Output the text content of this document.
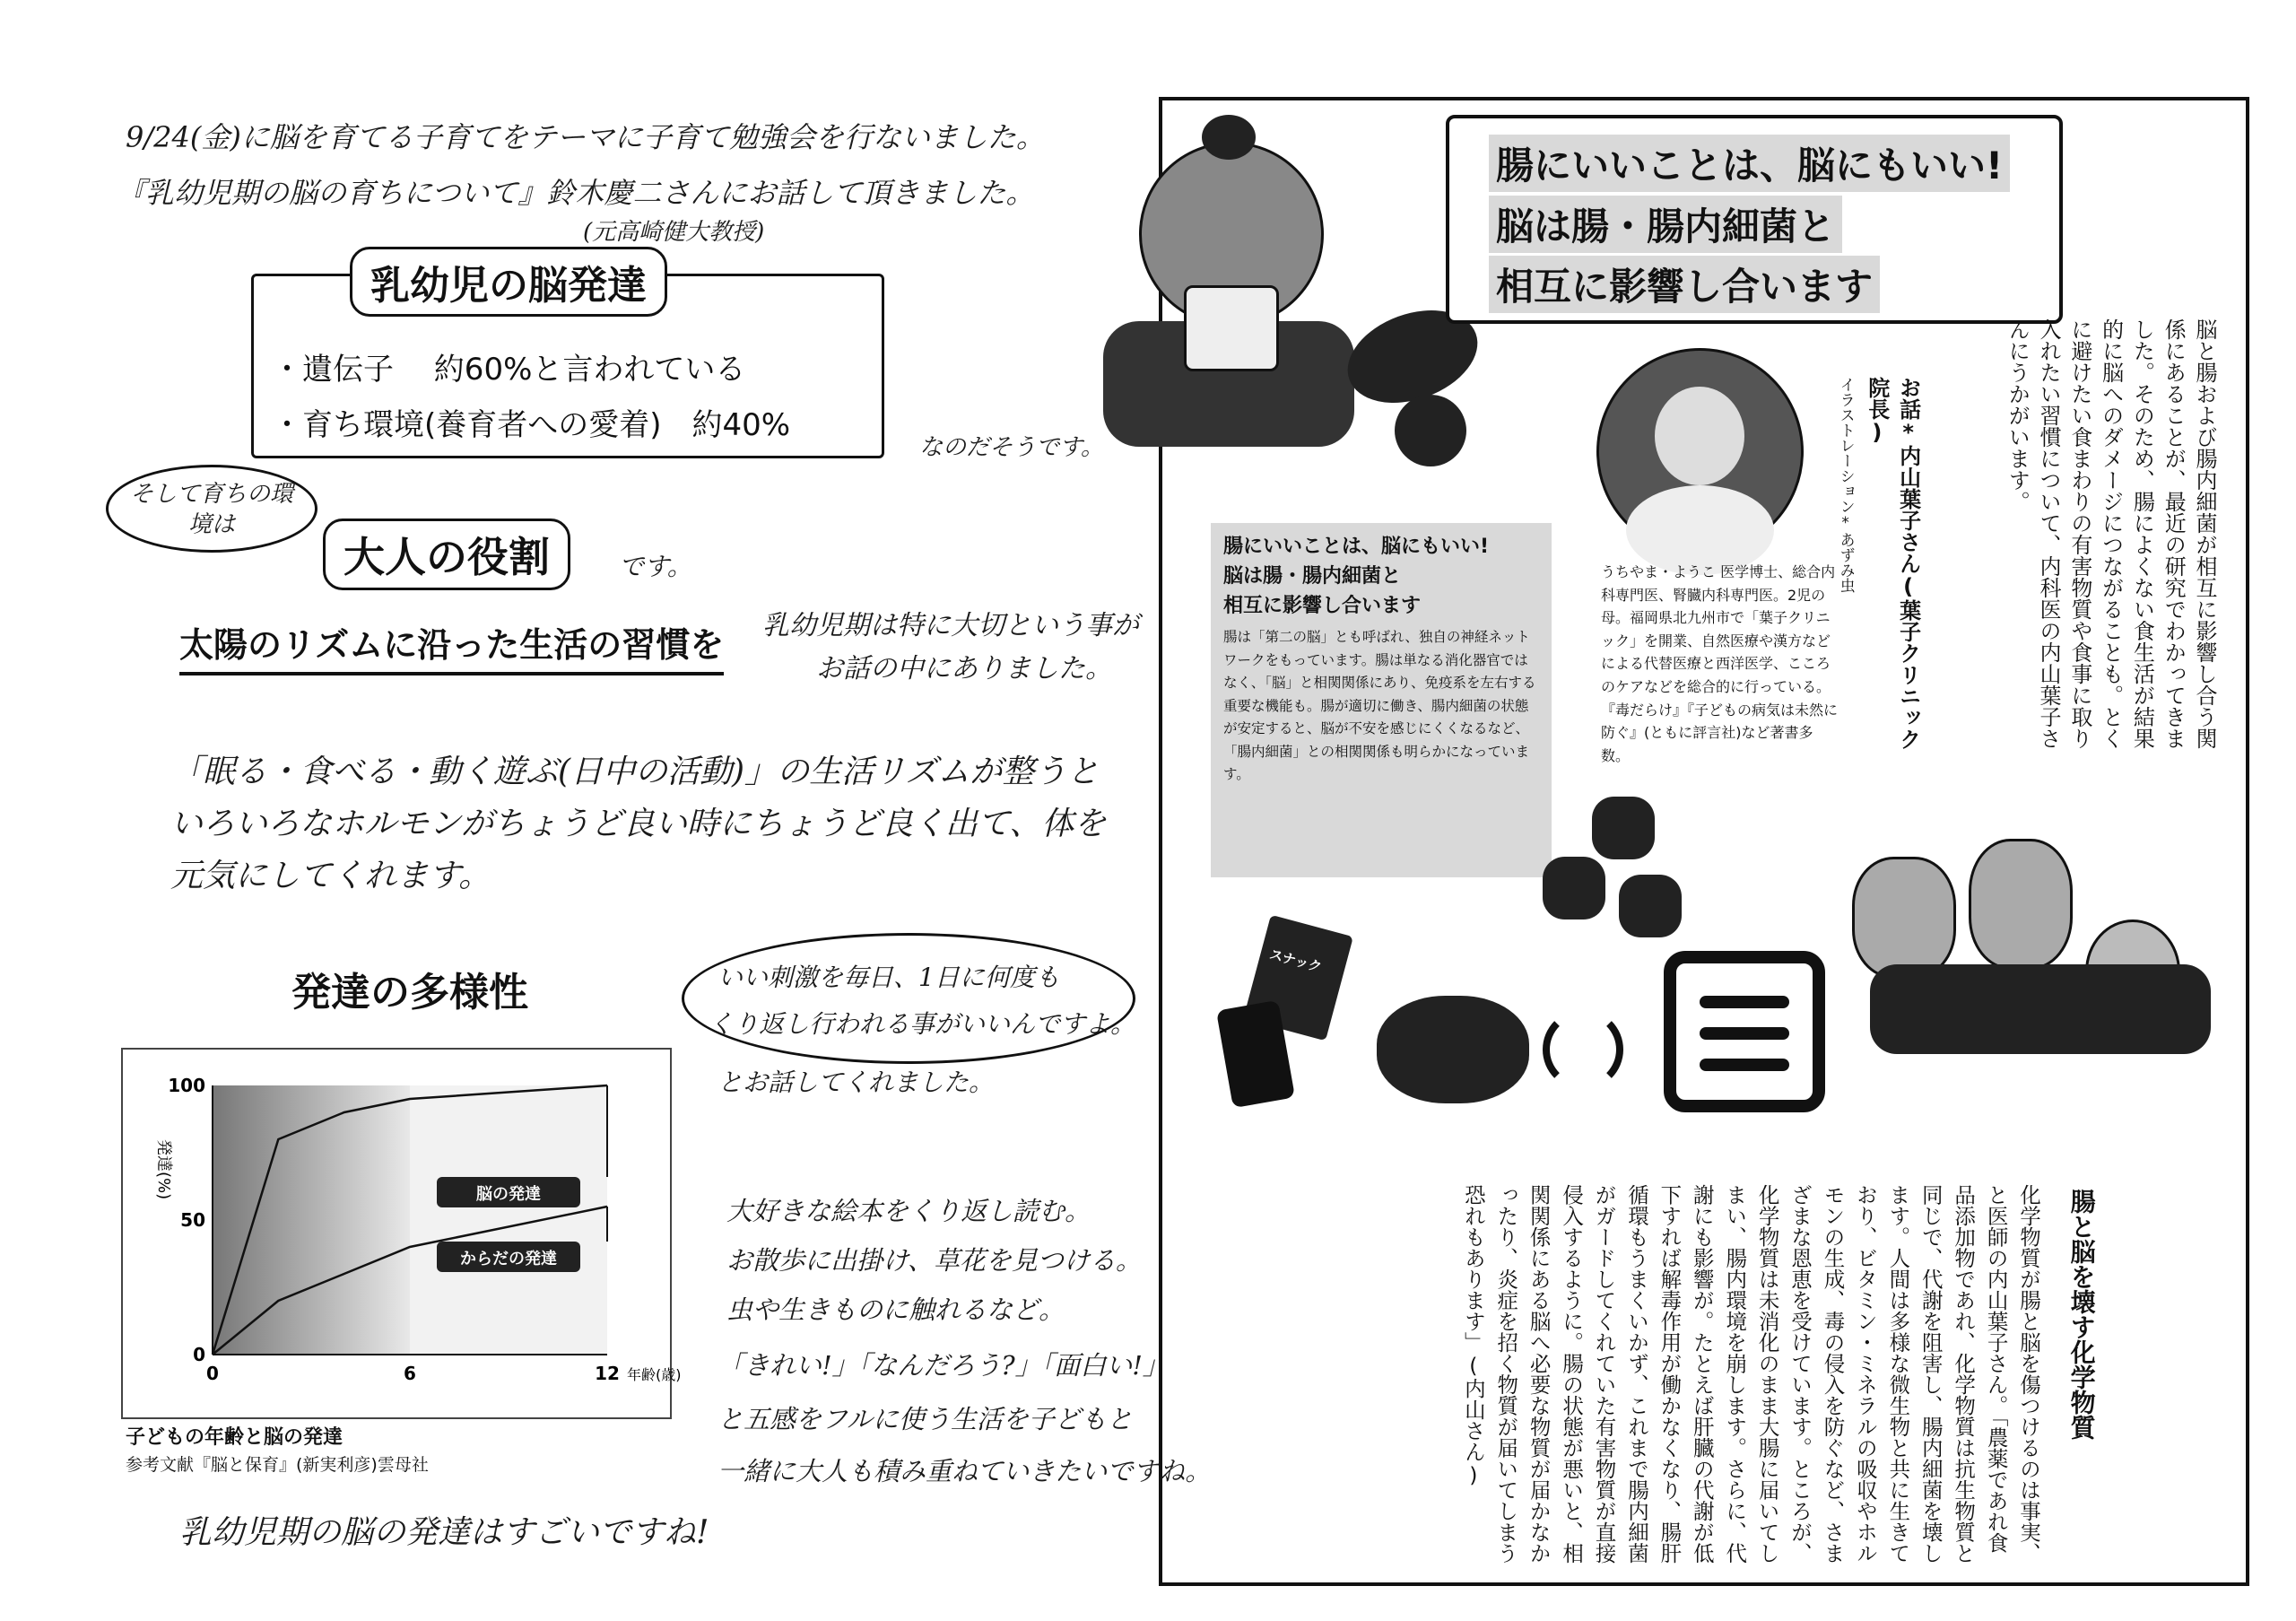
9/24(金)に脳を育てる子育てをテーマに子育て勉強会を行ないました。
『乳幼児期の脳の育ちについて』鈴木慶二さんにお話して頂きました。
(元高崎健大教授)
・遺伝子　 約60%と言われている
・育ち環境(養育者への愛着)　約40%
乳幼児の脳発達
なのだそうです。
そして育ちの環境は
大人の役割	です。
太陽のリズムに沿った生活の習慣を 乳幼児期は特に大切という事が
お話の中にありました。
「眠る・食べる・動く遊ぶ(日中の活動)」の生活リズムが整うと
いろいろなホルモンがちょうど良い時にちょうど良く出て、体を
元気にしてくれます。
発達の多様性	いい刺激を毎日、1日に何度も
くり返し行われる事がいいんですよ。
とお話してくれました。
0
50
100
0	6	12 年齢(歳)
発達(%)	脳の発達
からだの発達
子どもの年齢と脳の発達
参考文献『脳と保育』(新実利彦)雲母社
大好きな絵本をくり返し読む。
お散歩に出掛け、草花を見つける。
虫や生きものに触れるなど。
「きれい!」「なんだろう?」「面白い!」
と五感をフルに使う生活を子どもと
一緒に大人も積み重ねていきたいですね。
乳幼児期の脳の発達はすごいですね!
腸にいいことは、脳にもいい!
脳は腸・腸内細菌と
相互に影響し合います
脳と腸および腸内細菌が相互に影響し合う関係にあることが、最近の研究でわかってきました。そのため、腸によくない食生活が結果的に脳へのダメージにつながることも。とくに避けたい食まわりの有害物質や食事に取り入れたい習慣について、内科医の内山葉子さんにうかがいます。
お話*内山葉子さん(葉子クリニック院長)
イラストレーション*あずみ虫
うちやま・ようこ 医学博士、総合内科専門医、腎臓内科専門医。2児の母。福岡県北九州市で「葉子クリニック」を開業、自然医療や漢方などによる代替医療と西洋医学、こころのケアなどを総合的に行っている。『毒だらけ』『子どもの病気は未然に防ぐ』(ともに評言社)など著書多数。
腸にいいことは、脳にもいい!
脳は腸・腸内細菌と
相互に影響し合います
腸は「第二の脳」とも呼ばれ、独自の神経ネットワークをもっています。腸は単なる消化器官ではなく、「脳」と相関関係にあり、免疫系を左右する重要な機能も。腸が適切に働き、腸内細菌の状態が安定すると、脳が不安を感じにくくなるなど、「腸内細菌」との相関関係も明らかになっています。
スナック
腸と脳を壊す化学物質
化学物質が腸と脳を傷つけるのは事実、と医師の内山葉子さん。「農薬であれ食品添加物であれ、化学物質は抗生物質と同じで、代謝を阻害し、腸内細菌を壊します。人間は多様な微生物と共に生きており、ビタミン・ミネラルの吸収やホルモンの生成、毒の侵入を防ぐなど、さまざまな恩恵を受けています。ところが、化学物質は未消化のまま大腸に届いてしまい、腸内環境を崩します。さらに、代謝にも影響が。たとえば肝臓の代謝が低下すれば解毒作用が働かなくなり、腸肝循環もうまくいかず、これまで腸内細菌がガードしてくれていた有害物質が直接侵入するように。腸の状態が悪いと、相関関係にある脳へ必要な物質が届かなかったり、炎症を招く物質が届いてしまう恐れもあります」(内山さん)
